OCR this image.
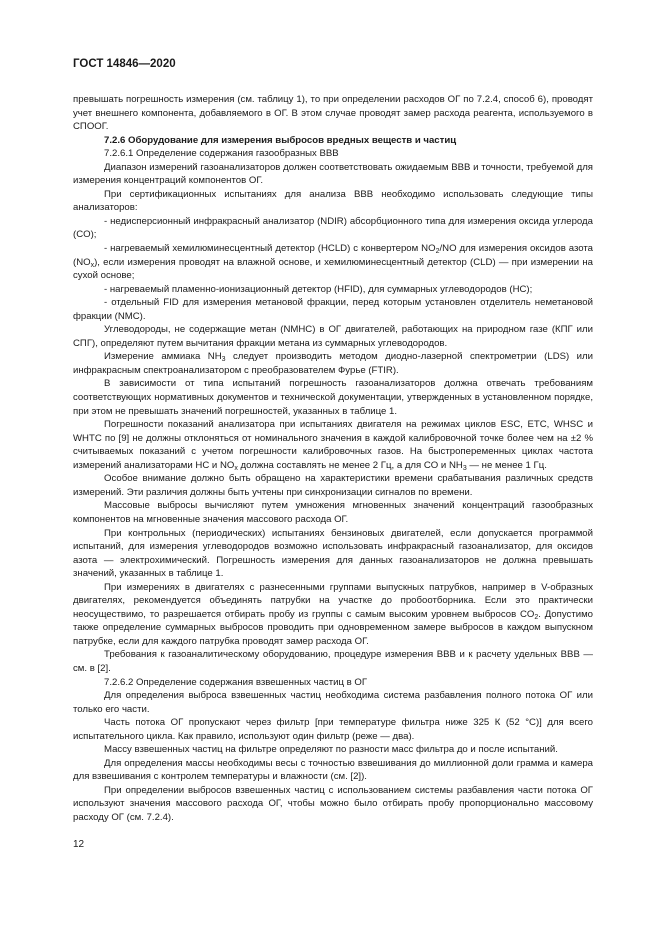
ГОСТ 14846—2020

превышать погрешность измерения (см. таблицу 1), то при определении расходов ОГ по 7.2.4, способ 6), проводят учет внешнего компонента, добавляемого в ОГ. В этом случае проводят замер расхода реагента, используемого в СПООГ.

7.2.6 Оборудование для измерения выбросов вредных веществ и частиц

7.2.6.1 Определение содержания газообразных ВВВ

Диапазон измерений газоанализаторов должен соответствовать ожидаемым ВВВ и точности, требуемой для измерения концентраций компонентов ОГ.

При сертификационных испытаниях для анализа ВВВ необходимо использовать следующие типы анализаторов:

- недисперсионный инфракрасный анализатор (NDIR) абсорбционного типа для измерения оксида углерода (CO);

- нагреваемый хемилюминесцентный детектор (HCLD) с конвертером $NO_2/NO$ для измерения оксидов азота $(NO_x)$, если измерения проводят на влажной основе, и хемилюминесцентный детектор (CLD) — при измерении на сухой основе;

- нагреваемый пламенно-ионизационный детектор (HFID), для суммарных углеводородов (HC);

- отдельный FID для измерения метановой фракции, перед которым установлен отделитель неметановой фракции (NMC).

Углеводороды, не содержащие метан (NMHC) в ОГ двигателей, работающих на природном газе (КПГ или СПГ), определяют путем вычитания фракции метана из суммарных углеводородов.

Измерение аммиака $NH_3$ следует производить методом диодно-лазерной спектрометрии (LDS) или инфракрасным спектроанализатором с преобразователем Фурье (FTIR).

В зависимости от типа испытаний погрешность газоанализаторов должна отвечать требованиям соответствующих нормативных документов и технической документации, утвержденных в установленном порядке, при этом не превышать значений погрешностей, указанных в таблице 1.

Погрешности показаний анализатора при испытаниях двигателя на режимах циклов ESC, ETC, WHSC и WHTC по [9] не должны отклоняться от номинального значения в каждой калибровочной точке более чем на ±2 % считываемых показаний с учетом погрешности калибровочных газов. На быстропеременных циклах частота измерений анализаторами HC и $NO_x$ должна составлять не менее 2 Гц, а для CO и $NH_3$ — не менее 1 Гц.

Особое внимание должно быть обращено на характеристики времени срабатывания различных средств измерений. Эти различия должны быть учтены при синхронизации сигналов по времени.

Массовые выбросы вычисляют путем умножения мгновенных значений концентраций газообразных компонентов на мгновенные значения массового расхода ОГ.

При контрольных (периодических) испытаниях бензиновых двигателей, если допускается программой испытаний, для измерения углеводородов возможно использовать инфракрасный газоанализатор, для оксидов азота — электрохимический. Погрешность измерения для данных газоанализаторов не должна превышать значений, указанных в таблице 1.

При измерениях в двигателях с разнесенными группами выпускных патрубков, например в V-образных двигателях, рекомендуется объединять патрубки на участке до пробоотборника. Если это практически неосуществимо, то разрешается отбирать пробу из группы с самым высоким уровнем выбросов $CO_2$. Допустимо также определение суммарных выбросов проводить при одновременном замере выбросов в каждом выпускном патрубке, если для каждого патрубка проводят замер расхода ОГ.

Требования к газоаналитическому оборудованию, процедуре измерения ВВВ и к расчету удельных ВВВ — см. в [2].

7.2.6.2 Определение содержания взвешенных частиц в ОГ

Для определения выброса взвешенных частиц необходима система разбавления полного потока ОГ или только его части.

Часть потока ОГ пропускают через фильтр [при температуре фильтра ниже 325 К (52 °С)] для всего испытательного цикла. Как правило, используют один фильтр (реже — два).

Массу взвешенных частиц на фильтре определяют по разности масс фильтра до и после испытаний.

Для определения массы необходимы весы с точностью взвешивания до миллионной доли грамма и камера для взвешивания с контролем температуры и влажности (см. [2]).

При определении выбросов взвешенных частиц с использованием системы разбавления части потока ОГ используют значения массового расхода ОГ, чтобы можно было отбирать пробу пропорционально массовому расходу ОГ (см. 7.2.4).

12
